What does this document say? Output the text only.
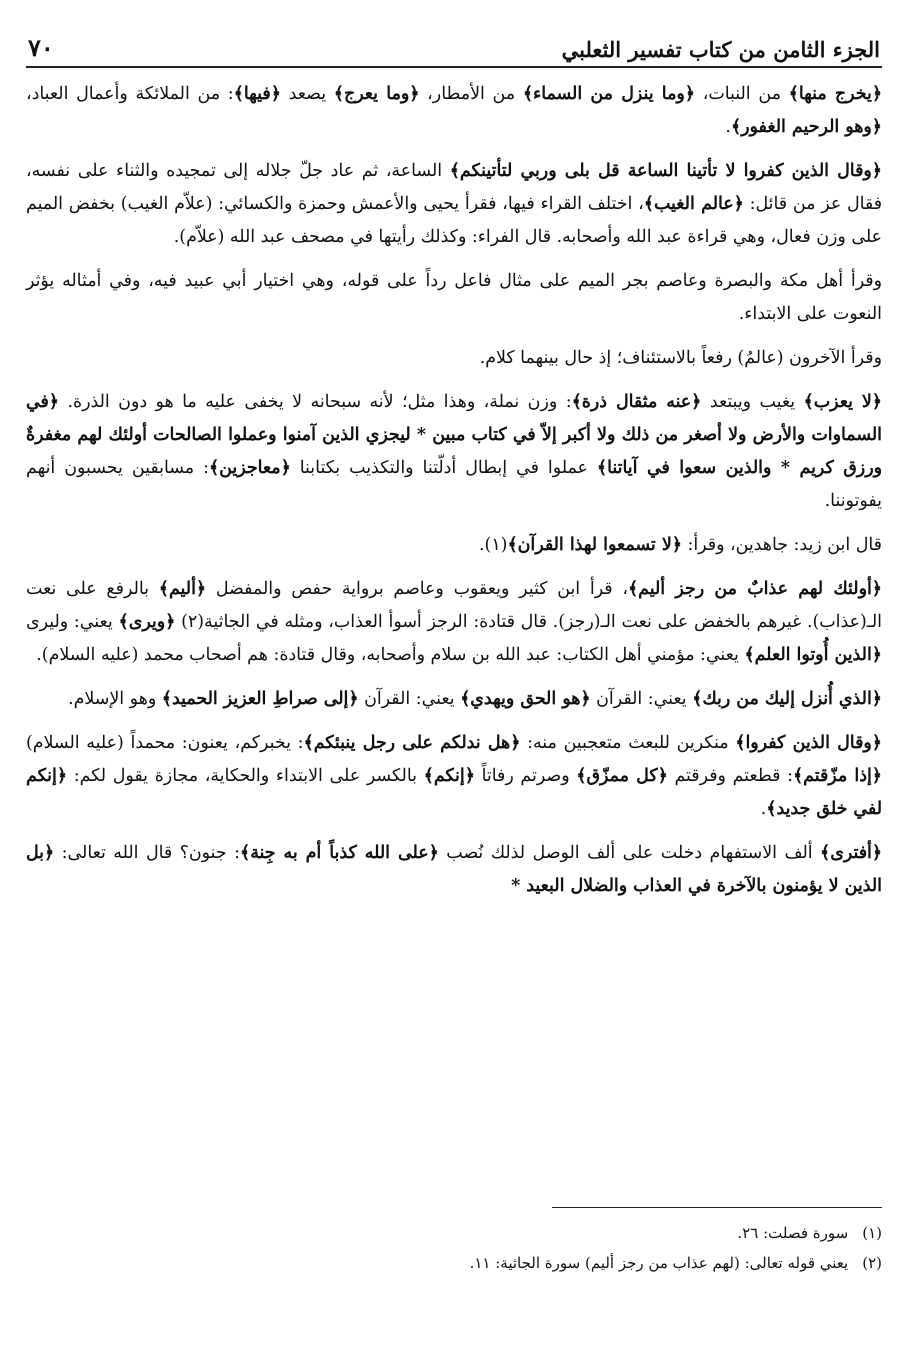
الجزء الثامن من كتاب تفسير الثعلبي
٧٠

﴿يخرج منها﴾ من النبات، ﴿وما ينزل من السماء﴾ من الأمطار، ﴿وما يعرج﴾ يصعد ﴿فيها﴾: من الملائكة وأعمال العباد، ﴿وهو الرحيم الغفور﴾.

﴿وقال الذين كفروا لا تأتينا الساعة قل بلى وربي لتأتينكم﴾ الساعة، ثم عاد جلّ جلاله إلى تمجيده والثناء على نفسه، فقال عز من قائل: ﴿عالم الغيب﴾، اختلف القراء فيها، فقرأ يحيى والأعمش وحمزة والكسائي: (علاّم الغيب) بخفض الميم على وزن فعال، وهي قراءة عبد الله وأصحابه. قال الفراء: وكذلك رأيتها في مصحف عبد الله (علاّم).

وقرأ أهل مكة والبصرة وعاصم بجر الميم على مثال فاعل رداً على قوله، وهي اختيار أبي عبيد فيه، وفي أمثاله يؤثر النعوت على الابتداء.

وقرأ الآخرون (عالمُ) رفعاً بالاستئناف؛ إذ حال بينهما كلام.

﴿لا يعزب﴾ يغيب ويبتعد ﴿عنه مثقال ذرة﴾: وزن نملة، وهذا مثل؛ لأنه سبحانه لا يخفى عليه ما هو دون الذرة. ﴿في السماوات والأرض ولا أصغر من ذلك ولا أكبر إلاّ في كتاب مبين * ليجزي الذين آمنوا وعملوا الصالحات أولئك لهم مغفرةٌ ورزق كريم * والذين سعوا في آياتنا﴾ عملوا في إبطال أدلّتنا والتكذيب بكتابنا ﴿معاجزين﴾: مسابقين يحسبون أنهم يفوتوننا.

قال ابن زيد: جاهدين، وقرأ: ﴿لا تسمعوا لهذا القرآن﴾(١).

﴿أولئك لهم عذابٌ من رجز أليم﴾، قرأ ابن كثير ويعقوب وعاصم برواية حفص والمفضل ﴿أليم﴾ بالرفع على نعت الـ(عذاب). غيرهم بالخفض على نعت الـ(رجز). قال قتادة: الرجز أسوأ العذاب، ومثله في الجاثية(٢) ﴿ويرى﴾ يعني: وليرى ﴿الذين أُوتوا العلم﴾ يعني: مؤمني أهل الكتاب: عبد الله بن سلام وأصحابه، وقال قتادة: هم أصحاب محمد (عليه السلام).

﴿الذي أُنزل إليك من ربك﴾ يعني: القرآن ﴿هو الحق ويهدي﴾ يعني: القرآن ﴿إلى صراطِ العزيز الحميد﴾ وهو الإسلام.

﴿وقال الذين كفروا﴾ منكرين للبعث متعجبين منه: ﴿هل ندلكم على رجل ينبئكم﴾: يخبركم، يعنون: محمداً (عليه السلام) ﴿إذا مزّقتم﴾: قطعتم وفرقتم ﴿كل ممزّق﴾ وصرتم رفاتاً ﴿إنكم﴾ بالكسر على الابتداء والحكاية، مجازة يقول لكم: ﴿إنكم لفي خلق جديد﴾.

﴿أفترى﴾ ألف الاستفهام دخلت على ألف الوصل لذلك نُصب ﴿على الله كذباً أم به جِنة﴾: جنون؟ قال الله تعالى: ﴿بل الذين لا يؤمنون بالآخرة في العذاب والضلال البعيد *

(١)سورة فصلت: ٢٦.
(٢)يعني قوله تعالى: (لهم عذاب من رجز أليم) سورة الجاثية: ١١.
